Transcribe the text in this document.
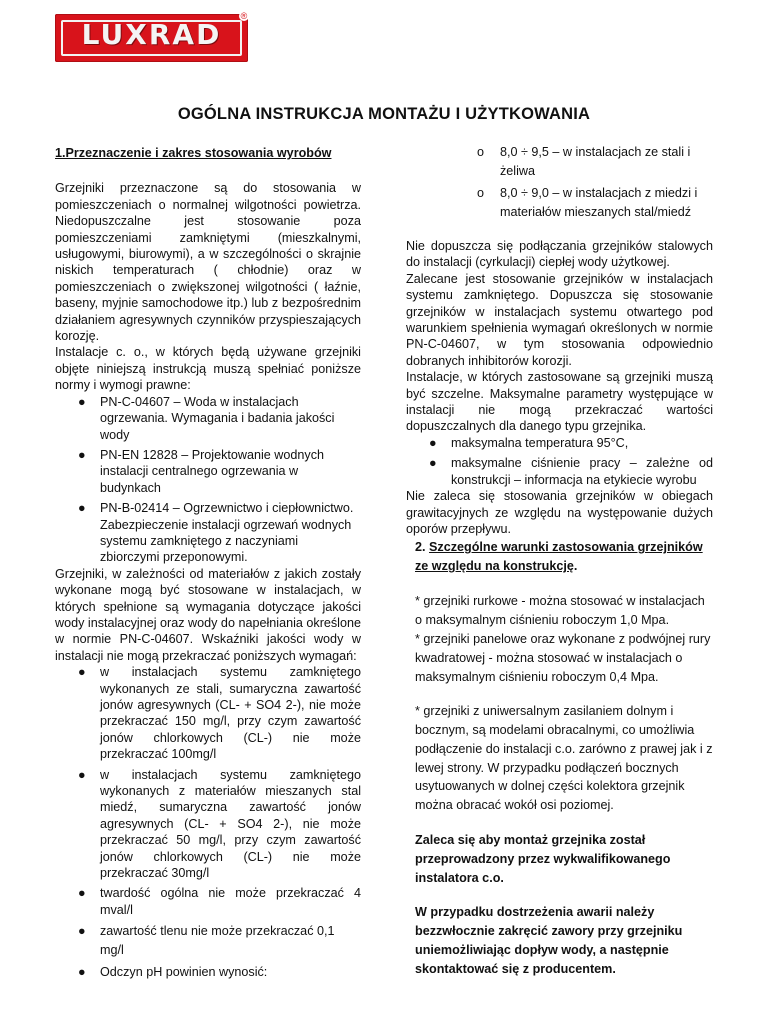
LUXRAD
®
OGÓLNA INSTRUKCJA MONTAŻU I UŻYTKOWANIA

1.Przeznaczenie i zakres stosowania wyrobów

Grzejniki przeznaczone są do stosowania w pomieszczeniach o normalnej wilgotności powietrza. Niedopuszczalne jest stosowanie poza pomieszczeniami zamkniętymi (mieszkalnymi, usługowymi, biurowymi), a w szczególności o skrajnie niskich temperaturach ( chłodnie) oraz w pomieszczeniach o zwiększonej wilgotności ( łaźnie, baseny, myjnie samochodowe itp.) lub z bezpośrednim działaniem agresywnych czynników przyspieszających korozję.

Instalacje c. o., w których będą używane grzejniki objęte niniejszą instrukcją muszą spełniać poniższe normy i wymogi prawne:

● PN-C-04607 – Woda w instalacjach ogrzewania. Wymagania i badania jakości wody
● PN-EN 12828 – Projektowanie wodnych instalacji centralnego ogrzewania w budynkach
● PN-B-02414 – Ogrzewnictwo i ciepłownictwo. Zabezpieczenie instalacji ogrzewań wodnych systemu zamkniętego z naczyniami zbiorczymi przeponowymi.

Grzejniki, w zależności od materiałów z jakich zostały wykonane mogą być stosowane w instalacjach, w których spełnione są wymagania dotyczące jakości wody instalacyjnej oraz wody do napełniania określone w normie PN-C-04607. Wskaźniki jakości wody w instalacji nie mogą przekraczać poniższych wymagań:

● w instalacjach systemu zamkniętego wykonanych ze stali, sumaryczna zawartość jonów agresywnych (CL- + SO4 2-), nie może przekraczać 150 mg/l, przy czym zawartość jonów chlorkowych (CL-) nie może przekraczać 100mg/l
● w instalacjach systemu zamkniętego wykonanych z materiałów mieszanych stal miedź, sumaryczna zawartość jonów agresywnych (CL- + SO4 2-), nie może przekraczać 50 mg/l, przy czym zawartość jonów chlorkowych (CL-) nie może przekraczać 30mg/l
● twardość ogólna nie może przekraczać 4 mval/l
● zawartość tlenu nie może przekraczać 0,1 mg/l
● Odczyn pH powinien wynosić:
o 8,0 ÷ 9,5 – w instalacjach ze stali i żeliwa
o 8,0 ÷ 9,0 – w instalacjach z miedzi i materiałów mieszanych stal/miedź

Nie dopuszcza się podłączania grzejników stalowych do instalacji (cyrkulacji) ciepłej wody użytkowej.

Zalecane jest stosowanie grzejników w instalacjach systemu zamkniętego. Dopuszcza się stosowanie grzejników w instalacjach systemu otwartego pod warunkiem spełnienia wymagań określonych w normie PN-C-04607, w tym stosowania odpowiednio dobranych inhibitorów korozji.

Instalacje, w których zastosowane są grzejniki muszą być szczelne. Maksymalne parametry występujące w instalacji nie mogą przekraczać wartości dopuszczalnych dla danego typu grzejnika.

● maksymalna temperatura 95°C,
● maksymalne ciśnienie pracy – zależne od konstrukcji – informacja na etykiecie wyrobu

Nie zaleca się stosowania grzejników w obiegach grawitacyjnych ze względu na występowanie dużych oporów przepływu.

2. Szczególne warunki zastosowania grzejników ze względu na konstrukcję.

* grzejniki rurkowe - można stosować w instalacjach o maksymalnym ciśnieniu roboczym 1,0 Mpa.

* grzejniki panelowe oraz wykonane z podwójnej rury kwadratowej - można stosować w instalacjach o maksymalnym ciśnieniu roboczym 0,4 Mpa.

* grzejniki z uniwersalnym zasilaniem dolnym i bocznym, są modelami obracalnymi, co umożliwia podłączenie do instalacji c.o. zarówno z prawej jak i z lewej strony. W przypadku podłączeń bocznych usytuowanych w dolnej części kolektora grzejnik można obracać wokół osi poziomej.

Zaleca się aby montaż grzejnika został przeprowadzony przez wykwalifikowanego instalatora c.o.

W przypadku dostrzeżenia awarii należy bezzwłocznie zakręcić zawory przy grzejniku uniemożliwiając dopływ wody, a następnie skontaktować się z producentem.
